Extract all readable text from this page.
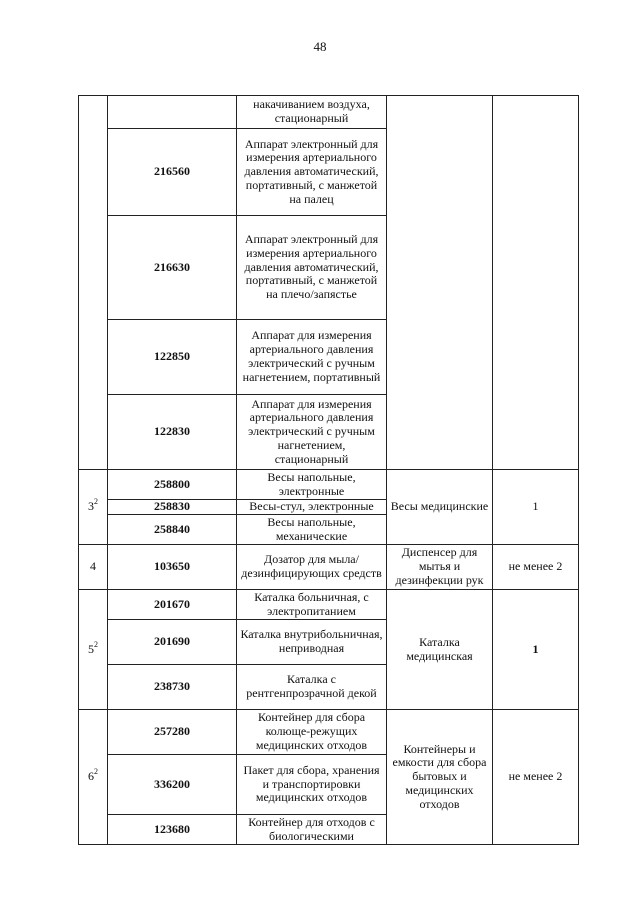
48
		накачиванием воздуха, стационарный		
	216560	Аппарат электронный для измерения артериального давления автоматический, портативный, с манжетой на палец		
	216630	Аппарат электронный для измерения артериального давления автоматический, портативный, с манжетой на плечо/запястье		
	122850	Аппарат для измерения артериального давления электрический с ручным нагнетением, портативный		
	122830	Аппарат для измерения артериального давления электрический с ручным нагнетением, стационарный		
$3^2$	258800	Весы напольные, электронные	Весы медицинские	1
	258830	Весы-стул, электронные		
	258840	Весы напольные, механические		
4	103650	Дозатор для мыла/ дезинфицирующих средств	Диспенсер для мытья и дезинфекции рук	не менее 2
$5^2$	201670	Каталка больничная, с электропитанием	Каталка медицинская	1
	201690	Каталка внутрибольничная, неприводная		
	238730	Каталка с рентгенпрозрачной декой		
$6^2$	257280	Контейнер для сбора колюще-режущих медицинских отходов	Контейнеры и емкости для сбора бытовых и медицинских отходов	не менее 2
	336200	Пакет для сбора, хранения и транспортировки медицинских отходов		
	123680	Контейнер для отходов с биологическими		
